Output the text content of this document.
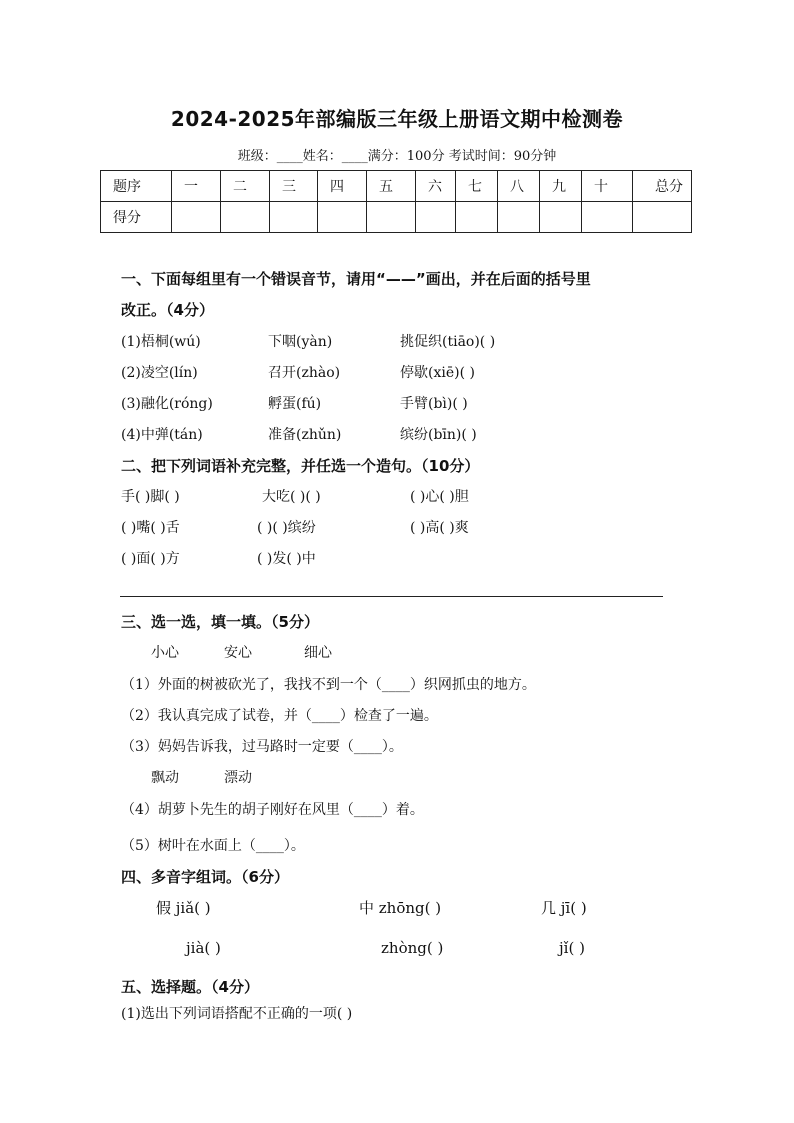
2024-2025年部编版三年级上册语文期中检测卷
班级：____姓名：____满分：100分 考试时间：90分钟
题序	一	二	三	四	五	六	七	八	九	十	总分
得分											
一、下面每组里有一个错误音节，请用“——”画出，并在后面的括号里
改正。（4分）
(1)梧桐(wú)	下咽(yàn)	挑促织(tiāo)( )
(2)凌空(lín)	召开(zhào)	停歇(xiē)( )
(3)融化(róng)	孵蛋(fú)	手臂(bì)( )
(4)中弹(tán)	准备(zhǔn)	缤纷(bīn)( )
二、把下列词语补充完整，并任选一个造句。（10分）
手( )脚( )	大吃( )( )	( )心( )胆
( )嘴( )舌	( )( )缤纷	( )高( )爽
( )面( )方	( )发( )中
三、选一选，填一填。（5分）
小心	安心	细心
（1）外面的树被砍光了，我找不到一个（____）织网抓虫的地方。
（2）我认真完成了试卷，并（____）检查了一遍。
（3）妈妈告诉我，过马路时一定要（____）。
飘动	漂动
（4）胡萝卜先生的胡子刚好在风里（____）着。
（5）树叶在水面上（____）。
四、多音字组词。（6分）
假 jiǎ( )	中 zhōng( )	几 jī( )
jià( )	zhòng( )	jǐ( )
五、选择题。（4分）
(1)选出下列词语搭配不正确的一项( )
